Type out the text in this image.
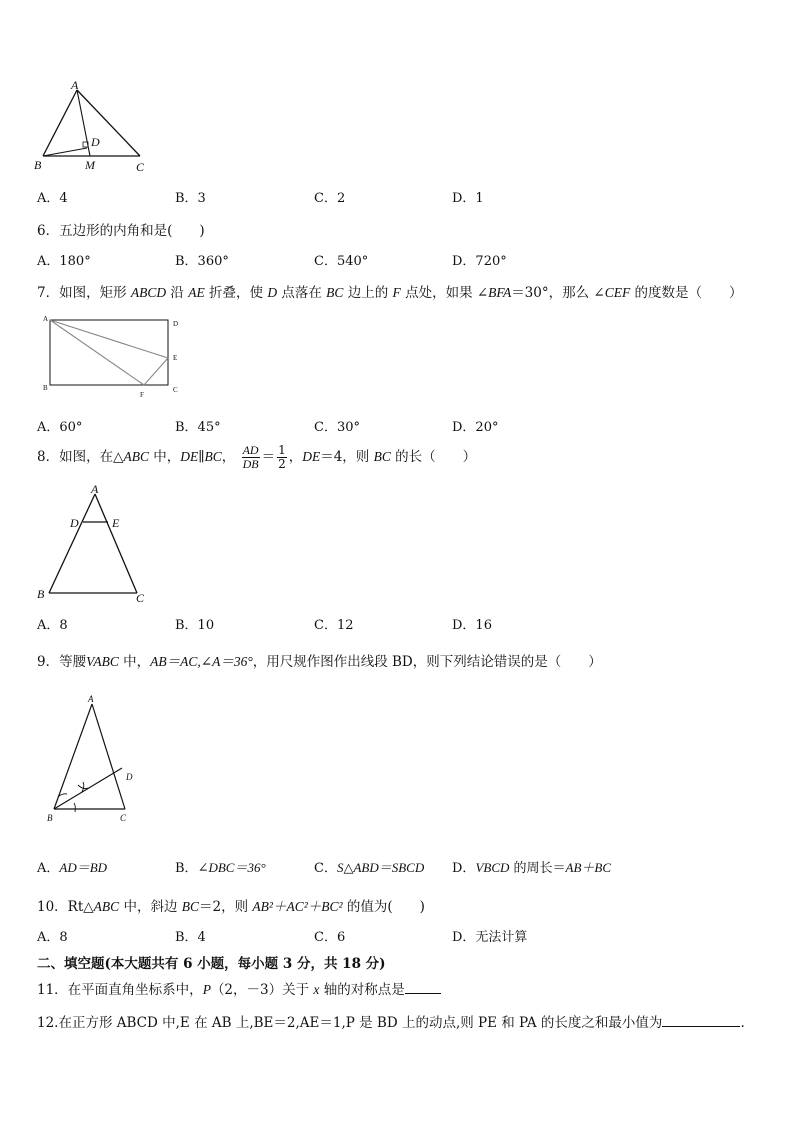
A
D
B	M	C
A．4	B．3	C．2	D．1
6．五边形的内角和是(　　)
A．180°	B．360°	C．540°	D．720°
7．如图，矩形 ABCD 沿 AE 折叠，使 D 点落在 BC 边上的 F 点处，如果 ∠BFA＝30°，那么 ∠CEF 的度数是（　　）
A
D
E
B
F
C
A．60°	B．45°	C．30°	D．20°
8．如图，在△ABC 中，DE∥BC， $\frac{AD}{DB} = \frac{1}{2}$ ，DE＝4，则 BC 的长（　　）
A
D	E
B	C
A．8	B．10	C．12	D．16
9．等腰VABC 中，AB＝AC,∠A＝36°，用尺规作图作出线段 BD，则下列结论错误的是（　　）
A
D
B	C
A．AD＝BD	B．∠DBC＝36°	C．S△ABD＝SBCD D．VBCD 的周长＝AB＋BC
10．Rt△ABC 中，斜边 BC＝2，则 AB²＋AC²＋BC² 的值为(　　)
A．8	B．4	C．6	D．无法计算
二、填空题(本大题共有 6 小题，每小题 3 分，共 18 分)
11．在平面直角坐标系中，P（2，－3）关于 x 轴的对称点是
12.在正方形 ABCD 中,E 在 AB 上,BE＝2,AE＝1,P 是 BD 上的动点,则 PE 和 PA 的长度之和最小值为	.
